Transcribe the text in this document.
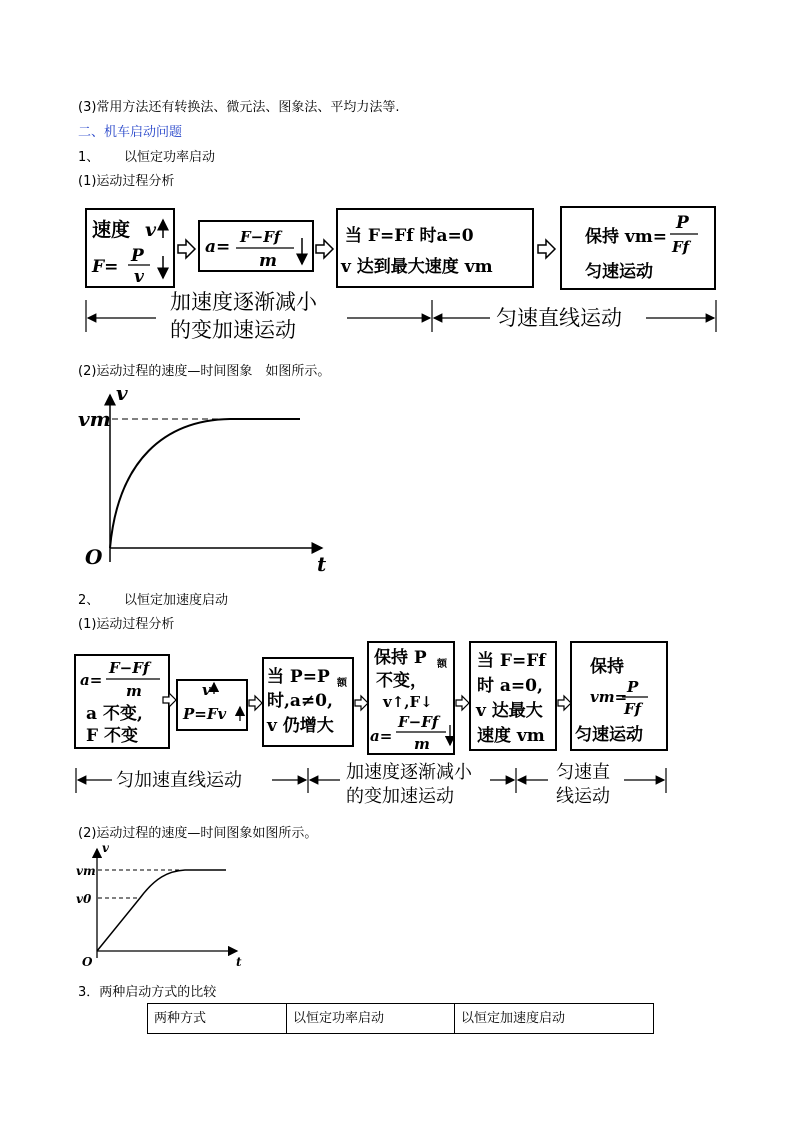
(3)常用方法还有转换法、微元法、图象法、平均力法等.
二、机车启动问题
1、 以恒定功率启动
(1)运动过程分析
(2)运动过程的速度—时间图象　如图所示。
2、 以恒定加速度启动
(1)运动过程分析
(2)运动过程的速度—时间图象如图所示。
3．两种启动方式的比较
速度 v
F=
P
v
a= F−Ff
m
当 F=Ff 时a=0
v 达到最大速度 vm
保持 vm=
P
Ff
匀速运动
加速度逐渐减小
的变加速运动	匀速直线运动
v
t
O
vm
a=
F−Ff
m
a 不变,
F 不变
v
P=Fv
当 P=P 额
时,a≠0,
v 仍增大
保持 P 额
不变，
v↑,F↓
a=
F−Ff
m
当 F=Ff
时 a=0,
v 达最大
速度 vm
保持
vm=
P
Ff
匀速运动
匀加速直线运动	加速度逐渐减小
的变加速运动
匀速直
线运动
v
t
O
vm
v0
两种方式	以恒定功率启动	以恒定加速度启动
